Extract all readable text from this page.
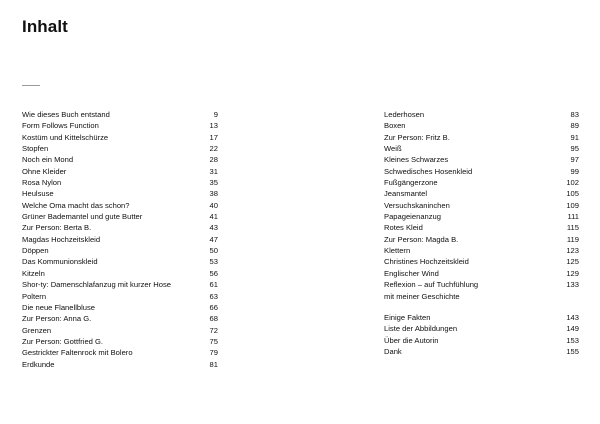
Inhalt
Wie dieses Buch entstand	9
Form Follows Function	13
Kostüm und Kittelschürze	17
Stopfen	22
Noch ein Mond	28
Ohne Kleider	31
Rosa Nylon	35
Heulsuse	38
Welche Oma macht das schon?	40
Grüner Bademantel und gute Butter	41
Zur Person: Berta B.	43
Magdas Hochzeitskleid	47
Döppen	50
Das Kommunionskleid	53
Kitzeln	56
Shor-ty: Damenschlafanzug mit kurzer Hose	61
Poltern	63
Die neue Flanellbluse	66
Zur Person: Anna G.	68
Grenzen	72
Zur Person: Gottfried G.	75
Gestrickter Faltenrock mit Bolero	79
Erdkunde	81
Lederhosen	83
Boxen	89
Zur Person: Fritz B.	91
Weiß	95
Kleines Schwarzes	97
Schwedisches Hosenkleid	99
Fußgängerzone	102
Jeansmantel	105
Versuchskaninchen	109
Papageienanzug	111
Rotes Kleid	115
Zur Person: Magda B.	119
Klettern	123
Christines Hochzeitskleid	125
Englischer Wind	129
Reflexion – auf Tuchfühlung	133
mit meiner Geschichte
Einige Fakten	143
Liste der Abbildungen	149
Über die Autorin	153
Dank	155
